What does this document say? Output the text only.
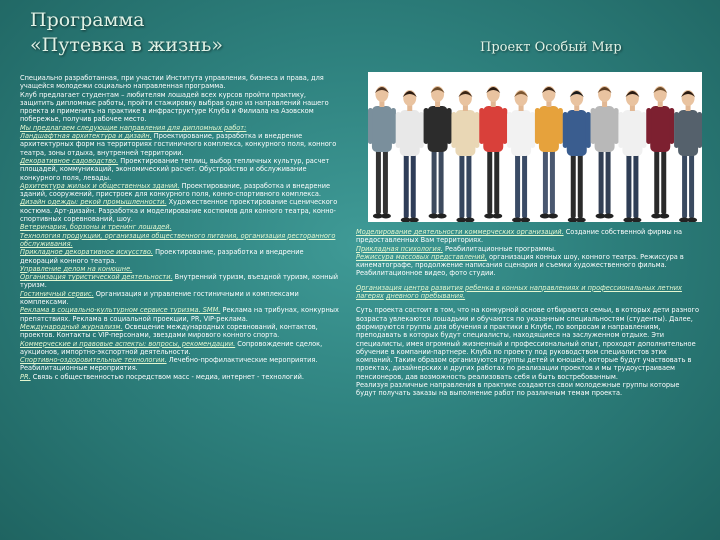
Программа
«Путевка в жизнь»	Проект Особый Мир

Специально разработанная, при участии Института управления, бизнеса и права, для учащейся молодежи социально направленная программа.

Клуб предлагает студентам – любителям лошадей всех курсов пройти практику, защитить дипломные работы, пройти стажировку выбрав одно из направлений нашего проекта и применить на практике в инфраструктуре Клуба и Филиала на Азовском побережье, получив рабочее место.

Мы предлагаем следующие направления для дипломных работ:

Ландшафтная архитектура и дизайн. Проектирование, разработка и внедрение архитектурных форм на территориях гостиничного комплекса, конкурного поля, конного театра, зоны отдыха, внутренней территории.

Декоративное садоводство. Проектирование теплиц, выбор тепличных культур, расчет площадей, коммуникаций, экономический расчет. Обустройство и обслуживание конкурного поля, левады.

Архитектура жилых и общественных зданий. Проектирование, разработка и внедрение зданий, сооружений, пристроек для конкурного поля, конно-спортивного комплекса.

Дизайн одежды: рекой промышленности. Художественное проектирование сценического костюма. Арт-дизайн. Разработка и моделирование костюмов для конного театра, конно-спортивных соревнований, шоу.

Ветеринария, борзоны и тренинг лошадей.

Технология продукции, организация общественного питания, организация ресторанного обслуживания.

Прикладное декоративное искусство. Проектирование, разработка и внедрение декораций конного театра.

Управление делом на конюшне.

Организация туристической деятельности. Внутренний туризм, въездной туризм, конный туризм.

Гостиничный сервис. Организация и управление гостиничными и комплексами комплексами.

Реклама в социально-культурном сервисе туризма. SMM. Реклама на трибунах, конкурных препятствиях. Реклама в социальной проекции, PR, VIP-реклама.

Международный журнализм. Освещение международных соревнований, контактов, проектов. Контакты с VIP-персонами, звездами мирового конного спорта.

Коммерческие и правовые аспекты: вопросы, рекомендации. Сопровождение сделок, аукционов, импортно-экспортной деятельности.

Спортивно-оздоровительные технологии. Лечебно-профилактические мероприятия. Реабилитационные мероприятия.

PR. Связь с общественностью посредством масс - медиа, интернет - технологий.

Моделирование деятельности коммерческих организаций. Создание собственной фирмы на предоставленных Вам территориях.

Прикладная психология. Реабилитационные программы.

Режиссура массовых представлений, организация конных шоу, конного театра. Режиссура в кинематографе, продолжение написания сценария и съемки художественного фильма. Реабилитационное видео, фото студии.

Организация центра развития ребенка в конных направлениях и профессиональных летних лагерях дневного пребывания.

Суть проекта состоит в том, что на конкурной основе отбираются семьи, в которых дети разного возраста увлекаются лошадьми и обучаются по указанным специальностям (студенты). Далее, формируются группы для обучения и практики в Клубе, по вопросам и направлениям, преподавать в которых будут специалисты, находящиеся на заслуженном отдыхе. Эти специалисты, имея огромный жизненный и профессиональный опыт, проходят дополнительное обучение в компании-партнере. Клуба по проекту под руководством специалистов этих компаний. Таким образом организуются группы детей и юношей, которые будут участвовать в проектах, дизайнерских и других работах по реализации проектов и мы трудоустраиваем пенсионеров, дав возможность реализовать себя и быть востребованным.

Реализуя различные направления в практике создаются свои молодежные группы которые будут получать заказы на выполнение работ по различным темам проекта.
